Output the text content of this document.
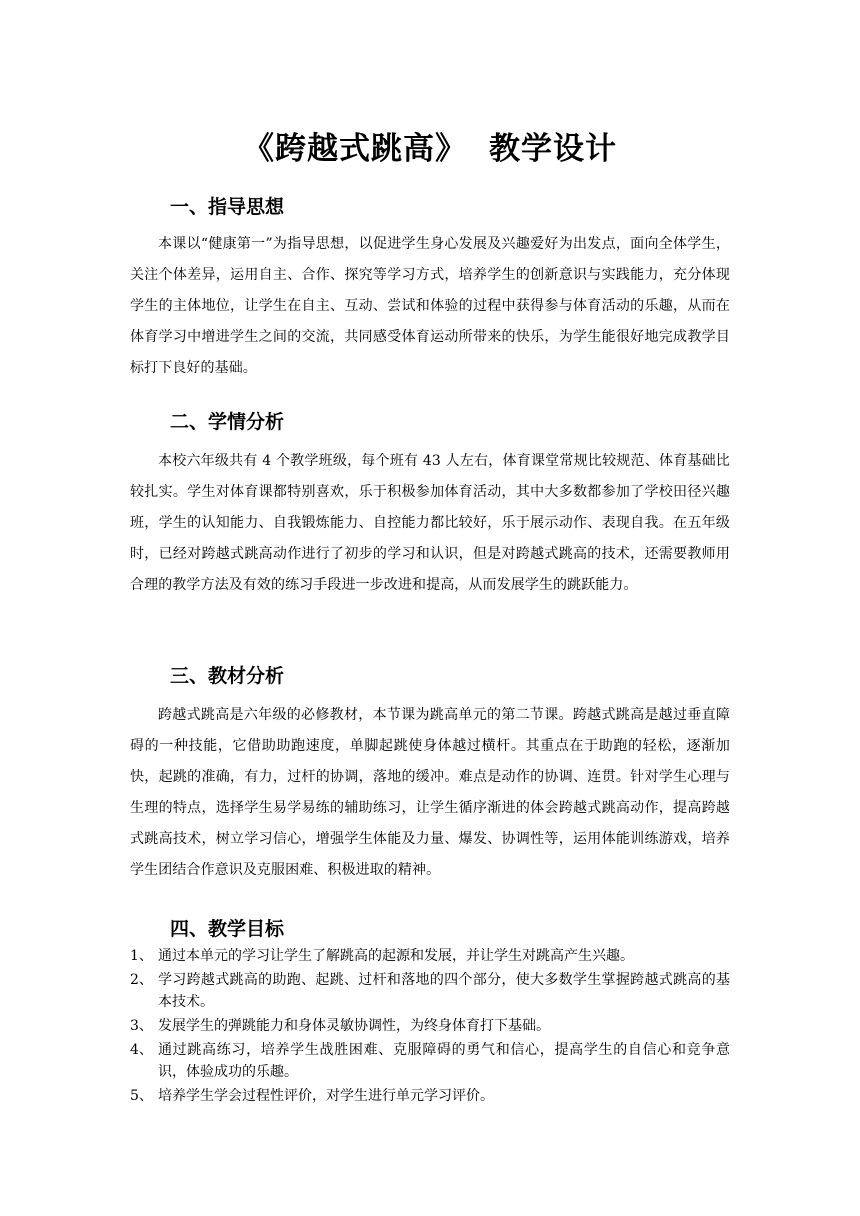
《跨越式跳高》 教学设计
一、指导思想

本课以“健康第一”为指导思想，以促进学生身心发展及兴趣爱好为出发点，面向全体学生，关注个体差异，运用自主、合作、探究等学习方式，培养学生的创新意识与实践能力，充分体现学生的主体地位，让学生在自主、互动、尝试和体验的过程中获得参与体育活动的乐趣，从而在体育学习中增进学生之间的交流，共同感受体育运动所带来的快乐，为学生能很好地完成教学目标打下良好的基础。

二、学情分析

本校六年级共有 4 个教学班级，每个班有 43 人左右，体育课堂常规比较规范、体育基础比较扎实。学生对体育课都特别喜欢，乐于积极参加体育活动，其中大多数都参加了学校田径兴趣班，学生的认知能力、自我锻炼能力、自控能力都比较好，乐于展示动作、表现自我。在五年级时，已经对跨越式跳高动作进行了初步的学习和认识，但是对跨越式跳高的技术，还需要教师用合理的教学方法及有效的练习手段进一步改进和提高，从而发展学生的跳跃能力。

三、教材分析

跨越式跳高是六年级的必修教材，本节课为跳高单元的第二节课。跨越式跳高是越过垂直障碍的一种技能，它借助助跑速度，单脚起跳使身体越过横杆。其重点在于助跑的轻松，逐渐加快，起跳的准确，有力，过杆的协调，落地的缓冲。难点是动作的协调、连贯。针对学生心理与生理的特点，选择学生易学易练的辅助练习，让学生循序渐进的体会跨越式跳高动作，提高跨越式跳高技术，树立学习信心，增强学生体能及力量、爆发、协调性等，运用体能训练游戏，培养学生团结合作意识及克服困难、积极进取的精神。

四、教学目标
1、 通过本单元的学习让学生了解跳高的起源和发展，并让学生对跳高产生兴趣。
2、 学习跨越式跳高的助跑、起跳、过杆和落地的四个部分，使大多数学生掌握跨越式跳高的基本技术。
3、 发展学生的弹跳能力和身体灵敏协调性，为终身体育打下基础。
4、 通过跳高练习，培养学生战胜困难、克服障碍的勇气和信心，提高学生的自信心和竞争意识，体验成功的乐趣。
5、 培养学生学会过程性评价，对学生进行单元学习评价。
